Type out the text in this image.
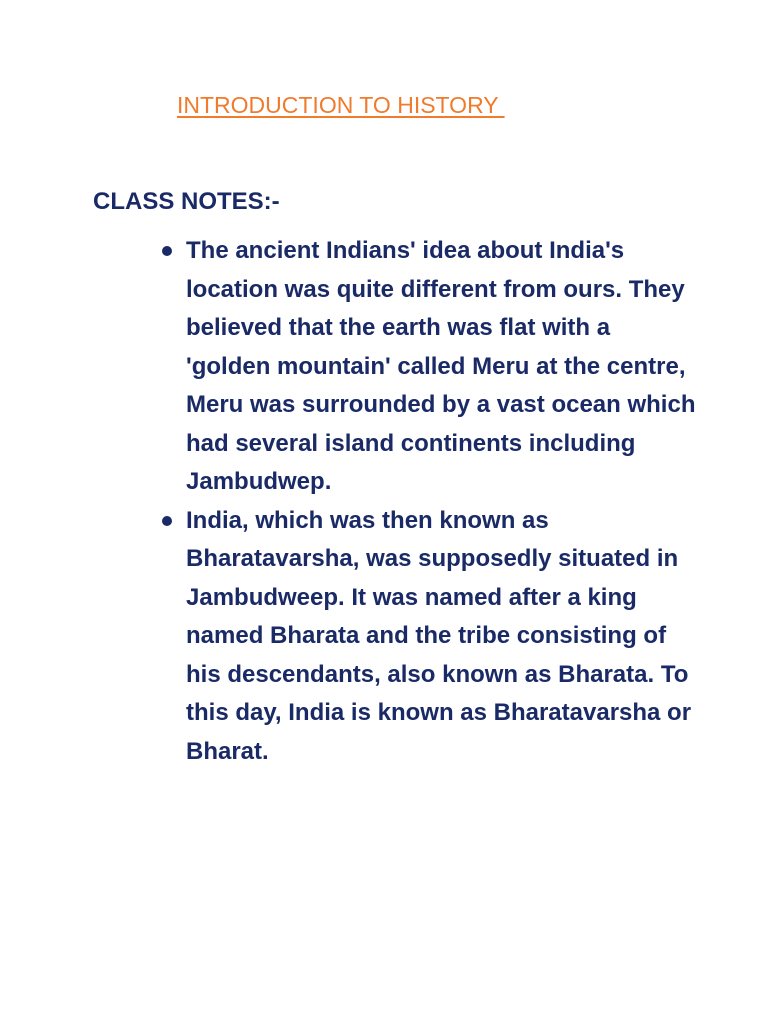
INTRODUCTION TO HISTORY
CLASS NOTES:-
The ancient Indians' idea about India's location was quite different from ours. They believed that the earth was flat with a 'golden mountain' called Meru at the centre, Meru was surrounded by a vast ocean which had several island continents including Jambudwep.
India, which was then known as Bharatavarsha, was supposedly situated in Jambudweep. It was named after a king named Bharata and the tribe consisting of his descendants, also known as Bharata. To this day, India is known as Bharatavarsha or Bharat.
